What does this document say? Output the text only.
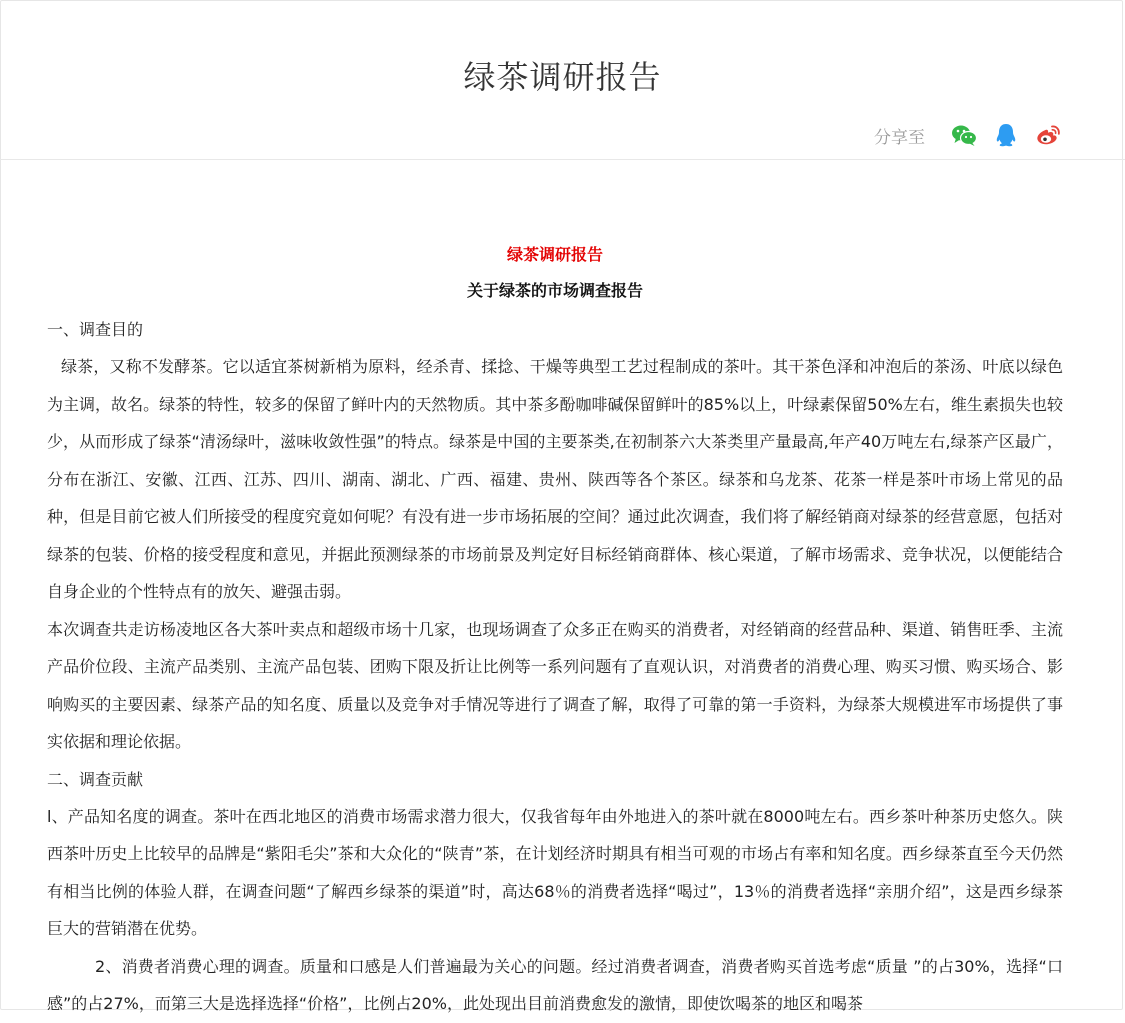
绿茶调研报告
分享至

绿茶调研报告

关于绿茶的市场调查报告

一、调查目的

绿茶，又称不发酵茶。它以适宜茶树新梢为原料，经杀青、揉捻、干燥等典型工艺过程制成的茶叶。其干茶色泽和冲泡后的茶汤、叶底以绿色为主调，故名。绿茶的特性，较多的保留了鲜叶内的天然物质。其中茶多酚咖啡碱保留鲜叶的85%以上，叶绿素保留50%左右，维生素损失也较少，从而形成了绿茶“清汤绿叶，滋味收敛性强”的特点。绿茶是中国的主要茶类,在初制茶六大茶类里产量最高,年产40万吨左右,绿茶产区最广，分布在浙江、安徽、江西、江苏、四川、湖南、湖北、广西、福建、贵州、陕西等各个茶区。绿茶和乌龙茶、花茶一样是茶叶市场上常见的品种，但是目前它被人们所接受的程度究竟如何呢？有没有进一步市场拓展的空间？通过此次调查，我们将了解经销商对绿茶的经营意愿，包括对绿茶的包装、价格的接受程度和意见，并据此预测绿茶的市场前景及判定好目标经销商群体、核心渠道，了解市场需求、竞争状况，以便能结合自身企业的个性特点有的放矢、避强击弱。

本次调查共走访杨凌地区各大茶叶卖点和超级市场十几家，也现场调查了众多正在购买的消费者，对经销商的经营品种、渠道、销售旺季、主流产品价位段、主流产品类别、主流产品包装、团购下限及折让比例等一系列问题有了直观认识，对消费者的消费心理、购买习惯、购买场合、影响购买的主要因素、绿茶产品的知名度、质量以及竞争对手情况等进行了调查了解，取得了可靠的第一手资料，为绿茶大规模进军市场提供了事实依据和理论依据。

二、调查贡献

l、产品知名度的调查。茶叶在西北地区的消费市场需求潜力很大，仅我省每年由外地进入的茶叶就在8000吨左右。西乡茶叶种茶历史悠久。陕西茶叶历史上比较早的品牌是“紫阳毛尖”茶和大众化的“陕青”茶，在计划经济时期具有相当可观的市场占有率和知名度。西乡绿茶直至今天仍然有相当比例的体验人群，在调查问题“了解西乡绿茶的渠道”时，高达68％的消费者选择“喝过”，13％的消费者选择“亲朋介绍”，这是西乡绿茶巨大的营销潜在优势。

2、消费者消费心理的调查。质量和口感是人们普遍最为关心的问题。经过消费者调查，消费者购买首选考虑“质量 ”的占30%，选择“口感”的占27%，而第三大是选择选择“价格”，比例占20%，此处现出目前消费愈发的激情，即使饮喝茶的地区和喝茶
